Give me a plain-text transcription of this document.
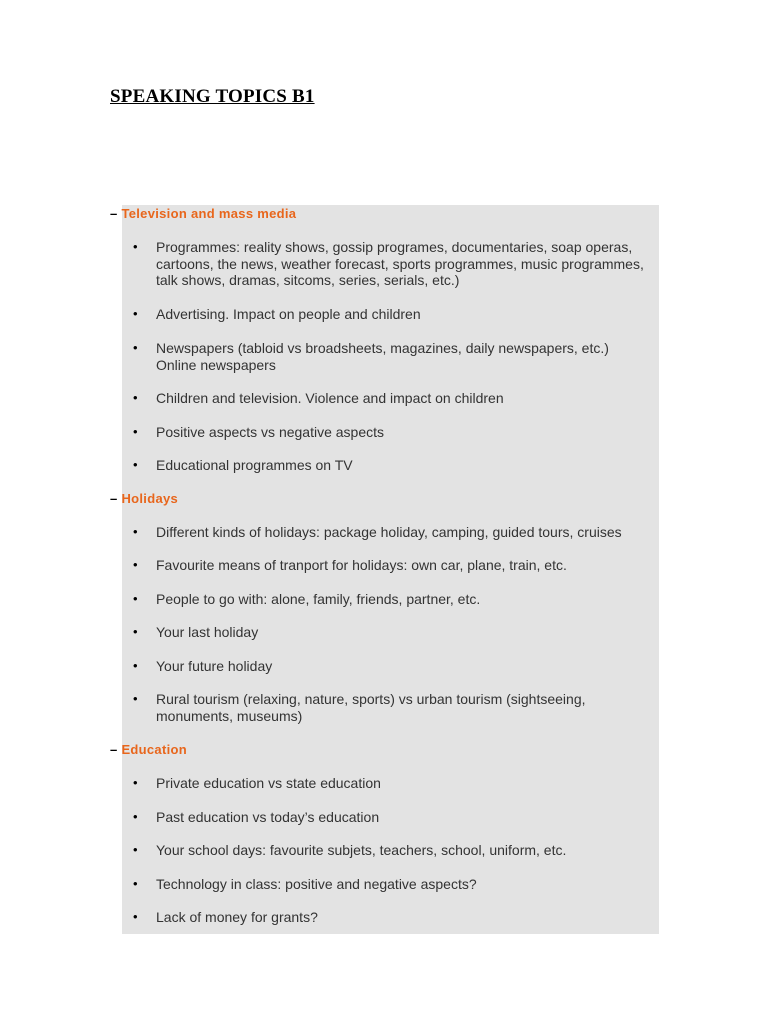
SPEAKING TOPICS B1
– Television and mass media
•	Programmes: reality shows, gossip programes, documentaries, soap operas, cartoons, the news, weather forecast, sports programmes, music programmes, talk shows, dramas, sitcoms, series, serials, etc.)
•	Advertising. Impact on people and children
•	Newspapers (tabloid vs broadsheets, magazines, daily newspapers, etc.) Online newspapers
•	Children and television. Violence and impact on children
•	Positive aspects vs negative aspects
•	Educational programmes on TV
– Holidays
•	Different kinds of holidays: package holiday, camping, guided tours, cruises
•	Favourite means of tranport for holidays: own car, plane, train, etc.
•	People to go with: alone, family, friends, partner, etc.
•	Your last holiday
•	Your future holiday
•	Rural tourism (relaxing, nature, sports) vs urban tourism (sightseeing, monuments, museums)
– Education
•	Private education vs state education
•	Past education vs today’s education
•	Your school days: favourite subjets, teachers, school, uniform, etc.
•	Technology in class: positive and negative aspects?
•	Lack of money for grants?
